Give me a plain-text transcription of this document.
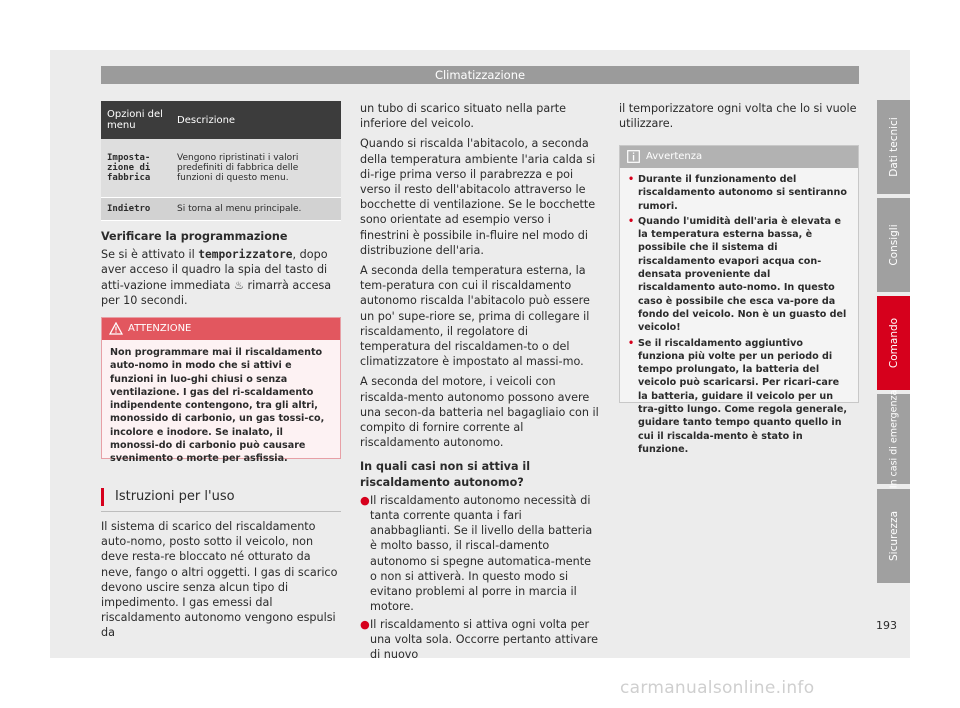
Climatizzazione
Dati tecnici
Consigli
Comando
In casi di emergenza
Sicurezza
Opzioni del menu	Descrizione
Imposta-zione di fabbrica	Vengono ripristinati i valori predefiniti di fabbrica delle funzioni di questo menu.
Indietro	Si torna al menu principale.

Verificare la programmazione

Se si è attivato il temporizzatore, dopo aver acceso il quadro la spia del tasto di atti-vazione immediata ♨ rimarrà accesa per 10 secondi.

ATTENZIONE
Non programmare mai il riscaldamento auto-nomo in modo che si attivi e funzioni in luo-ghi chiusi o senza ventilazione. I gas del ri-scaldamento indipendente contengono, tra gli altri, monossido di carbonio, un gas tossi-co, incolore e inodore. Se inalato, il monossi-do di carbonio può causare svenimento o morte per asfissia.
Istruzioni per l'uso

Il sistema di scarico del riscaldamento auto-nomo, posto sotto il veicolo, non deve resta-re bloccato né otturato da neve, fango o altri oggetti. I gas di scarico devono uscire senza alcun tipo di impedimento. I gas emessi dal riscaldamento autonomo vengono espulsi da

un tubo di scarico situato nella parte inferiore del veicolo.

Quando si riscalda l'abitacolo, a seconda della temperatura ambiente l'aria calda si di-rige prima verso il parabrezza e poi verso il resto dell'abitacolo attraverso le bocchette di ventilazione. Se le bocchette sono orientate ad esempio verso i finestrini è possibile in-fluire nel modo di distribuzione dell'aria.

A seconda della temperatura esterna, la tem-peratura con cui il riscaldamento autonomo riscalda l'abitacolo può essere un po' supe-riore se, prima di collegare il riscaldamento, il regolatore di temperatura del riscaldamen-to o del climatizzatore è impostato al massi-mo.

A seconda del motore, i veicoli con riscalda-mento autonomo possono avere una secon-da batteria nel bagagliaio con il compito di fornire corrente al riscaldamento autonomo.

In quali casi non si attiva il riscaldamento autonomo?

● Il riscaldamento autonomo necessità di tanta corrente quanta i fari anabbaglianti. Se il livello della batteria è molto basso, il riscal-damento autonomo si spegne automatica-mente o non si attiverà. In questo modo si evitano problemi al porre in marcia il motore.
● Il riscaldamento si attiva ogni volta per una volta sola. Occorre pertanto attivare di nuovo

il temporizzatore ogni volta che lo si vuole utilizzare.

Avvertenza
• Durante il funzionamento del riscaldamento autonomo si sentiranno rumori.
• Quando l'umidità dell'aria è elevata e la temperatura esterna bassa, è possibile che il sistema di riscaldamento evapori acqua con-densata proveniente dal riscaldamento auto-nomo. In questo caso è possibile che esca va-pore da fondo del veicolo. Non è un guasto del veicolo!
• Se il riscaldamento aggiuntivo funziona più volte per un periodo di tempo prolungato, la batteria del veicolo può scaricarsi. Per ricari-care la batteria, guidare il veicolo per un tra-gitto lungo. Come regola generale, guidare tanto tempo quanto quello in cui il riscalda-mento è stato in funzione.
193
carmanualsonline.info
